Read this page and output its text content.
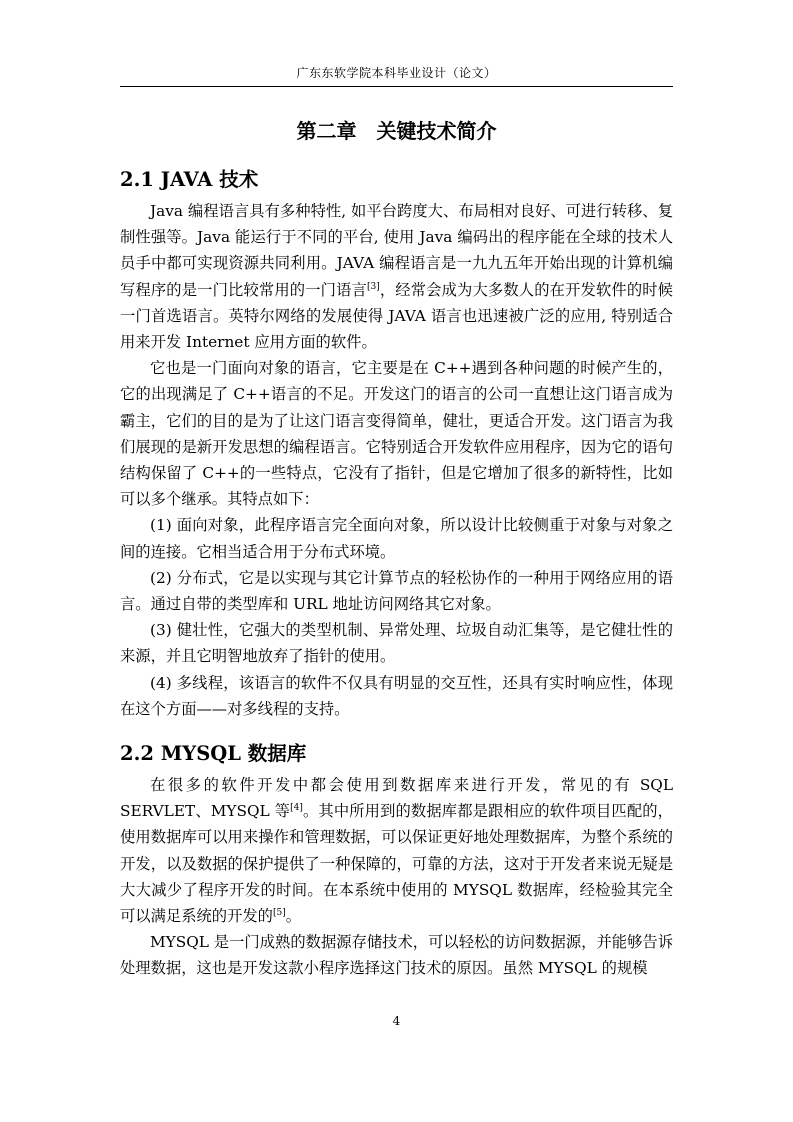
广东东软学院本科毕业设计（论文）
第二章 关键技术简介
2.1 JAVA 技术

Java 编程语言具有多种特性, 如平台跨度大、布局相对良好、可进行转移、复制性强等。Java 能运行于不同的平台, 使用 Java 编码出的程序能在全球的技术人员手中都可实现资源共同利用。JAVA 编程语言是一九九五年开始出现的计算机编写程序的是一门比较常用的一门语言[3]，经常会成为大多数人的在开发软件的时候一门首选语言。英特尔网络的发展使得 JAVA 语言也迅速被广泛的应用, 特别适合用来开发 Internet 应用方面的软件。

它也是一门面向对象的语言，它主要是在 C++遇到各种问题的时候产生的，它的出现满足了 C++语言的不足。开发这门的语言的公司一直想让这门语言成为霸主，它们的目的是为了让这门语言变得简单，健壮，更适合开发。这门语言为我们展现的是新开发思想的编程语言。它特别适合开发软件应用程序，因为它的语句结构保留了 C++的一些特点，它没有了指针，但是它增加了很多的新特性，比如可以多个继承。其特点如下：

(1) 面向对象，此程序语言完全面向对象，所以设计比较侧重于对象与对象之间的连接。它相当适合用于分布式环境。

(2) 分布式，它是以实现与其它计算节点的轻松协作的一种用于网络应用的语言。通过自带的类型库和 URL 地址访问网络其它对象。

(3) 健壮性，它强大的类型机制、异常处理、垃圾自动汇集等，是它健壮性的来源，并且它明智地放弃了指针的使用。

(4) 多线程，该语言的软件不仅具有明显的交互性，还具有实时响应性，体现在这个方面——对多线程的支持。

2.2 MYSQL 数据库

在很多的软件开发中都会使用到数据库来进行开发，常见的有 SQL SERVLET、MYSQL 等[4]。其中所用到的数据库都是跟相应的软件项目匹配的，使用数据库可以用来操作和管理数据，可以保证更好地处理数据库，为整个系统的开发，以及数据的保护提供了一种保障的，可靠的方法，这对于开发者来说无疑是大大减少了程序开发的时间。在本系统中使用的 MYSQL 数据库，经检验其完全可以满足系统的开发的[5]。

MYSQL 是一门成熟的数据源存储技术，可以轻松的访问数据源，并能够告诉处理数据，这也是开发这款小程序选择这门技术的原因。虽然 MYSQL 的规模

4
